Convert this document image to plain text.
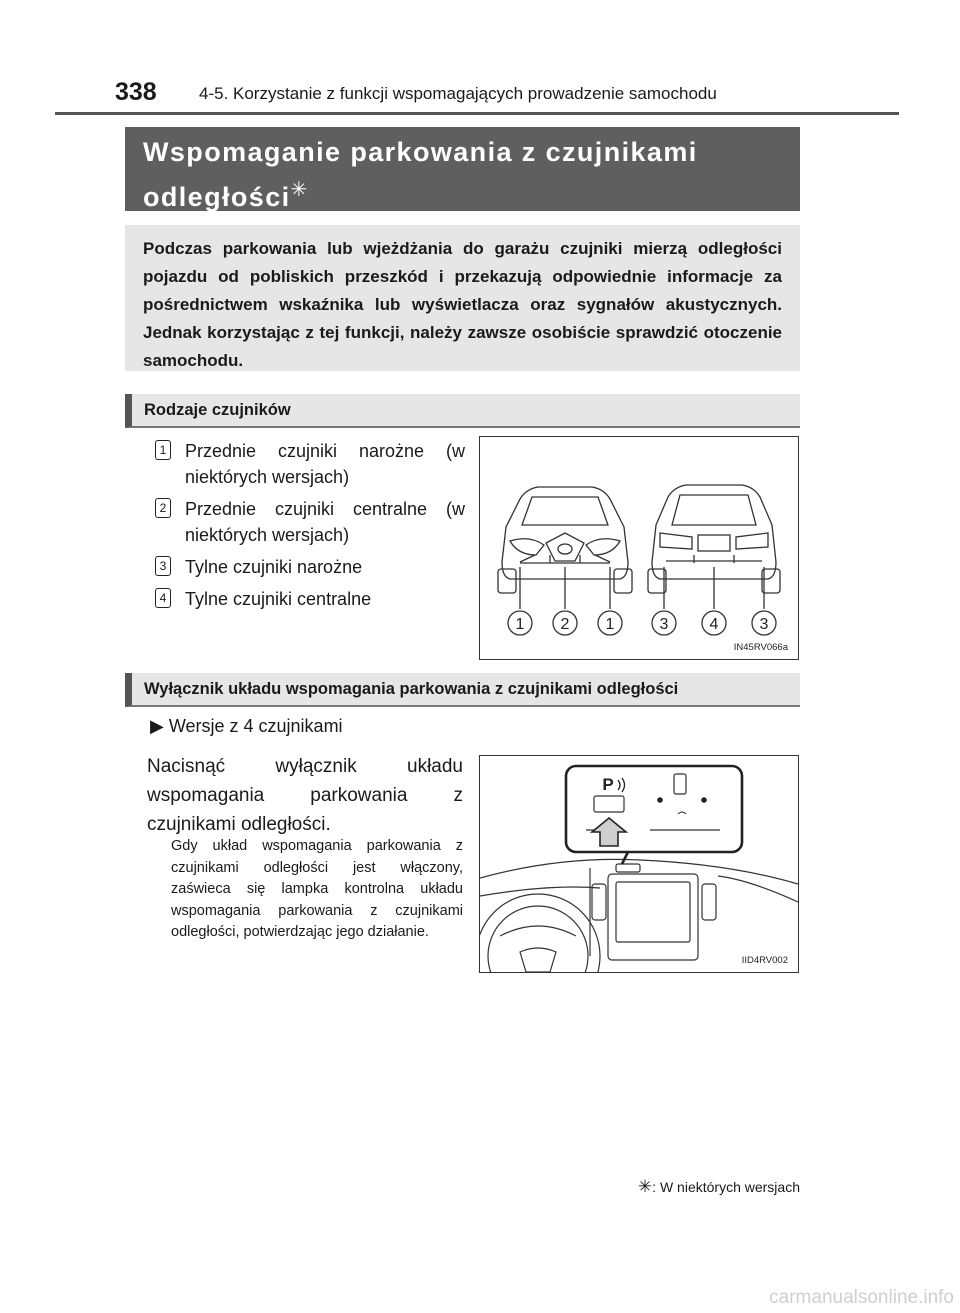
338 4-5. Korzystanie z funkcji wspomagających prowadzenie samochodu
Wspomaganie parkowania z czujnikami
odległości✳
Podczas parkowania lub wjeżdżania do garażu czujniki mierzą odległości pojazdu od pobliskich przeszkód i przekazują odpowiednie informacje za pośrednictwem wskaźnika lub wyświetlacza oraz sygnałów akustycznych. Jednak korzystając z tej funkcji, należy zawsze osobiście sprawdzić otoczenie samochodu.
Rodzaje czujników
1	Przednie czujniki narożne (w niektórych wersjach)
2	Przednie czujniki centralne (w niektórych wersjach)
3	Tylne czujniki narożne
4	Tylne czujniki centralne
1 2 1	3	4	3
IN45RV066a
Wyłącznik układu wspomagania parkowania z czujnikami odległości
▶ Wersje z 4 czujnikami
Nacisnąć wyłącznik układu wspomagania parkowania z czujnikami odległości.
Gdy układ wspomagania parkowania z czujnikami odległości jest włączony, zaświeca się lampka kontrolna układu wspomagania parkowania z czujnikami odległości, potwierdzając jego działanie.
P
IID4RV002
✳: W niektórych wersjach
carmanualsonline.info
